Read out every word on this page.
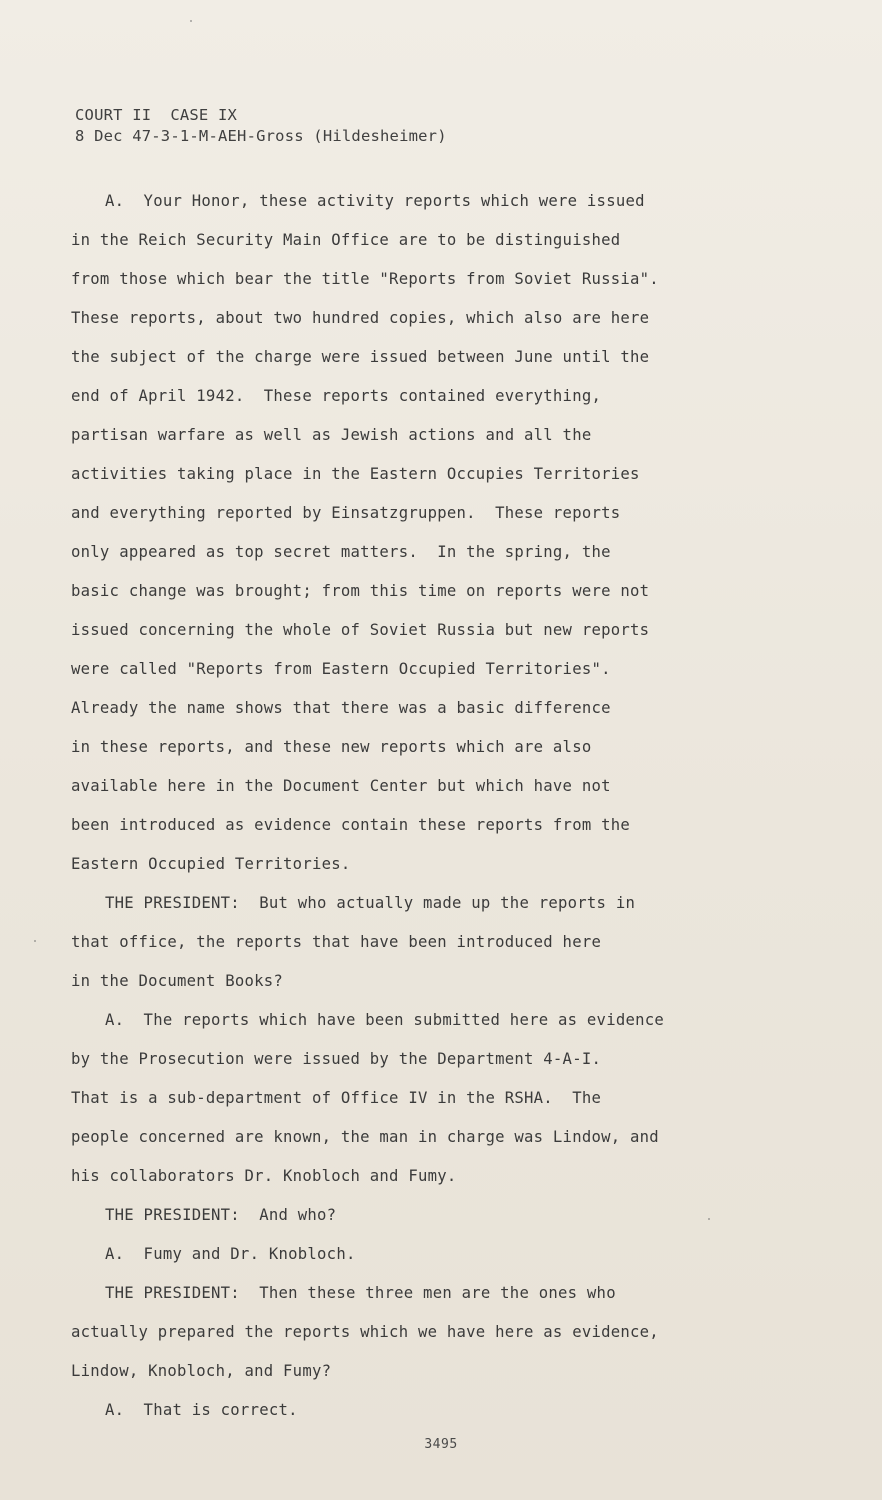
COURT II  CASE IX
8 Dec 47-3-1-M-AEH-Gross (Hildesheimer)
A.  Your Honor, these activity reports which were issued
in the Reich Security Main Office are to be distinguished
from those which bear the title "Reports from Soviet Russia".
These reports, about two hundred copies, which also are here
the subject of the charge were issued between June until the
end of April 1942.  These reports contained everything,
partisan warfare as well as Jewish actions and all the
activities taking place in the Eastern Occupies Territories
and everything reported by Einsatzgruppen.  These reports
only appeared as top secret matters.  In the spring, the
basic change was brought; from this time on reports were not
issued concerning the whole of Soviet Russia but new reports
were called "Reports from Eastern Occupied Territories".
Already the name shows that there was a basic difference
in these reports, and these new reports which are also
available here in the Document Center but which have not
been introduced as evidence contain these reports from the
Eastern Occupied Territories.
THE PRESIDENT:  But who actually made up the reports in
that office, the reports that have been introduced here
in the Document Books?
A.  The reports which have been submitted here as evidence
by the Prosecution were issued by the Department 4-A-I.
That is a sub-department of Office IV in the RSHA.  The
people concerned are known, the man in charge was Lindow, and
his collaborators Dr. Knobloch and Fumy.
THE PRESIDENT:  And who?
A.  Fumy and Dr. Knobloch.
THE PRESIDENT:  Then these three men are the ones who
actually prepared the reports which we have here as evidence,
Lindow, Knobloch, and Fumy?
A.  That is correct.
3495
